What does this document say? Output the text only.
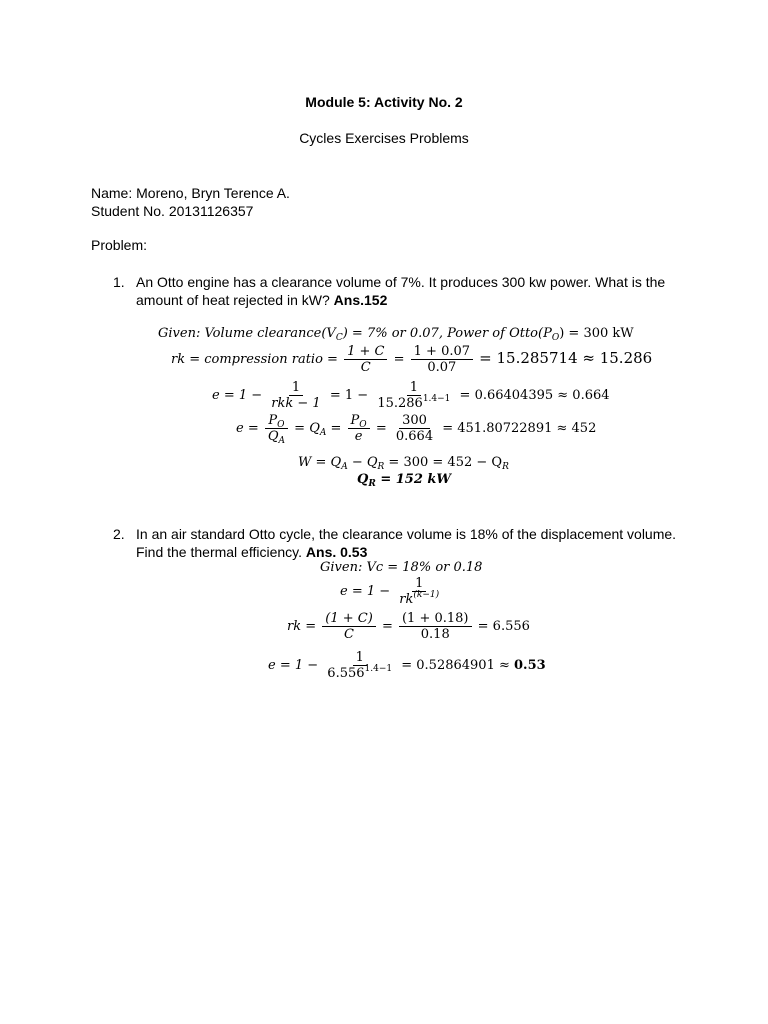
Module 5: Activity No. 2
Cycles Exercises Problems
Name: Moreno, Bryn Terence A.
Student No. 20131126357
Problem:
1. An Otto engine has a clearance volume of 7%. It produces 300 kw power. What is the amount of heat rejected in kW? Ans.152
Given: Volume $clearance(V_C) = 7\%$ or 0.07, Power of $Otto(P_O) = 300$ kW
rk = compression ratio = $\frac{1 + C}{C} = \frac{1 + 0.07}{0.07} = 15.285714 \approx 15.286$
$e = 1 - \frac{1}{\text{rkk − 1}} = 1 - \frac{1}{15.286^{1.4-1}} = 0.66404395 \approx 0.664$
$e = \frac{P_O}{Q_A} = Q_A = \frac{P_O}{e} = \frac{300}{0.664} = 451.80722891 \approx 452$
$W = Q_A - Q_R = 300 = 452 - Q_R$
$Q_R = 152$ kW
2. In an air standard Otto cycle, the clearance volume is 18% of the displacement volume. Find the thermal efficiency. Ans. 0.53
Given: Vc = 18% or 0.18
$e = 1 - \frac{1}{rk^{(k-1)}}$
rk = $\frac{(1 + C)}{C} = \frac{(1 + 0.18)}{0.18} = 6.556$
$e = 1 - \frac{1}{6.556^{1.4-1}} = 0.52864901 \approx 0.53$
